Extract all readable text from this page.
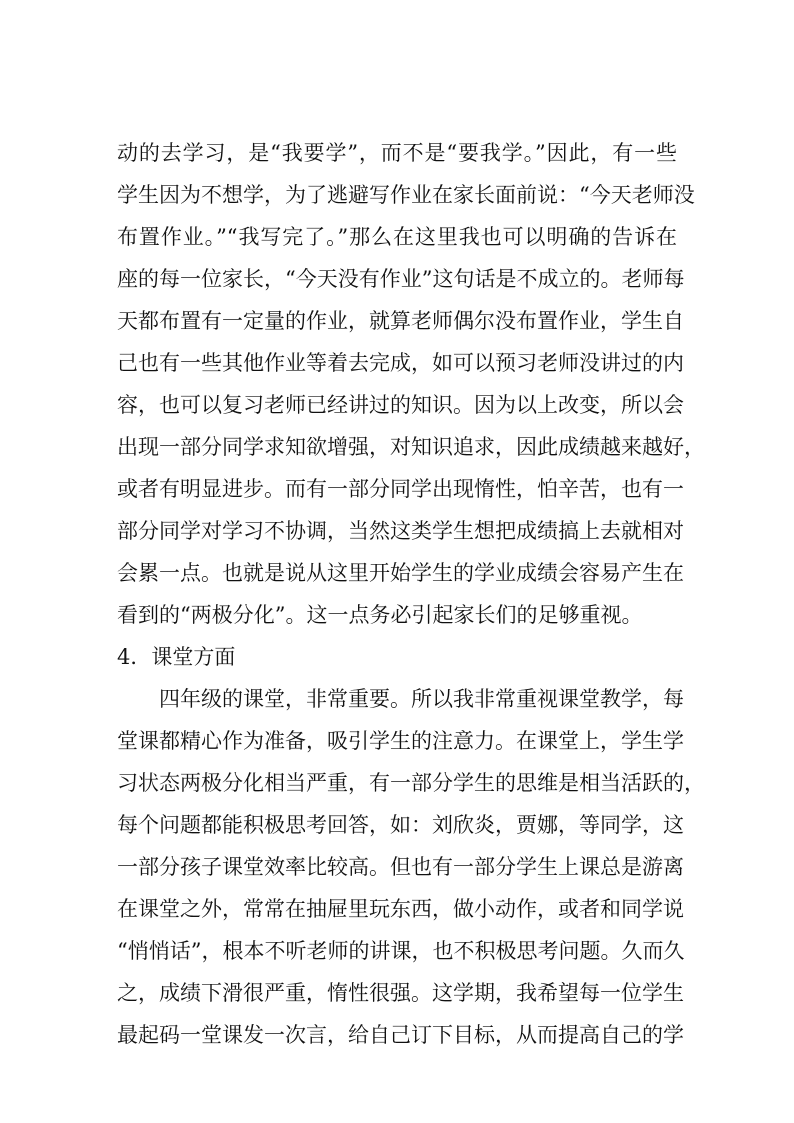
动的去学习，是“我要学”，而不是“要我学。”因此，有一些

学生因为不想学，为了逃避写作业在家长面前说：“今天老师没

布置作业。”“我写完了。”那么在这里我也可以明确的告诉在

座的每一位家长，“今天没有作业”这句话是不成立的。老师每

天都布置有一定量的作业，就算老师偶尔没布置作业，学生自

己也有一些其他作业等着去完成，如可以预习老师没讲过的内

容，也可以复习老师已经讲过的知识。因为以上改变，所以会

出现一部分同学求知欲增强，对知识追求，因此成绩越来越好，

或者有明显进步。而有一部分同学出现惰性，怕辛苦，也有一

部分同学对学习不协调，当然这类学生想把成绩搞上去就相对

会累一点。也就是说从这里开始学生的学业成绩会容易产生在

看到的“两极分化”。这一点务必引起家长们的足够重视。

4．课堂方面

四年级的课堂，非常重要。所以我非常重视课堂教学，每

堂课都精心作为准备，吸引学生的注意力。在课堂上，学生学

习状态两极分化相当严重，有一部分学生的思维是相当活跃的，

每个问题都能积极思考回答，如：刘欣炎，贾娜，等同学，这

一部分孩子课堂效率比较高。但也有一部分学生上课总是游离

在课堂之外，常常在抽屉里玩东西，做小动作，或者和同学说

“悄悄话”，根本不听老师的讲课，也不积极思考问题。久而久

之，成绩下滑很严重，惰性很强。这学期，我希望每一位学生

最起码一堂课发一次言，给自己订下目标，从而提高自己的学
